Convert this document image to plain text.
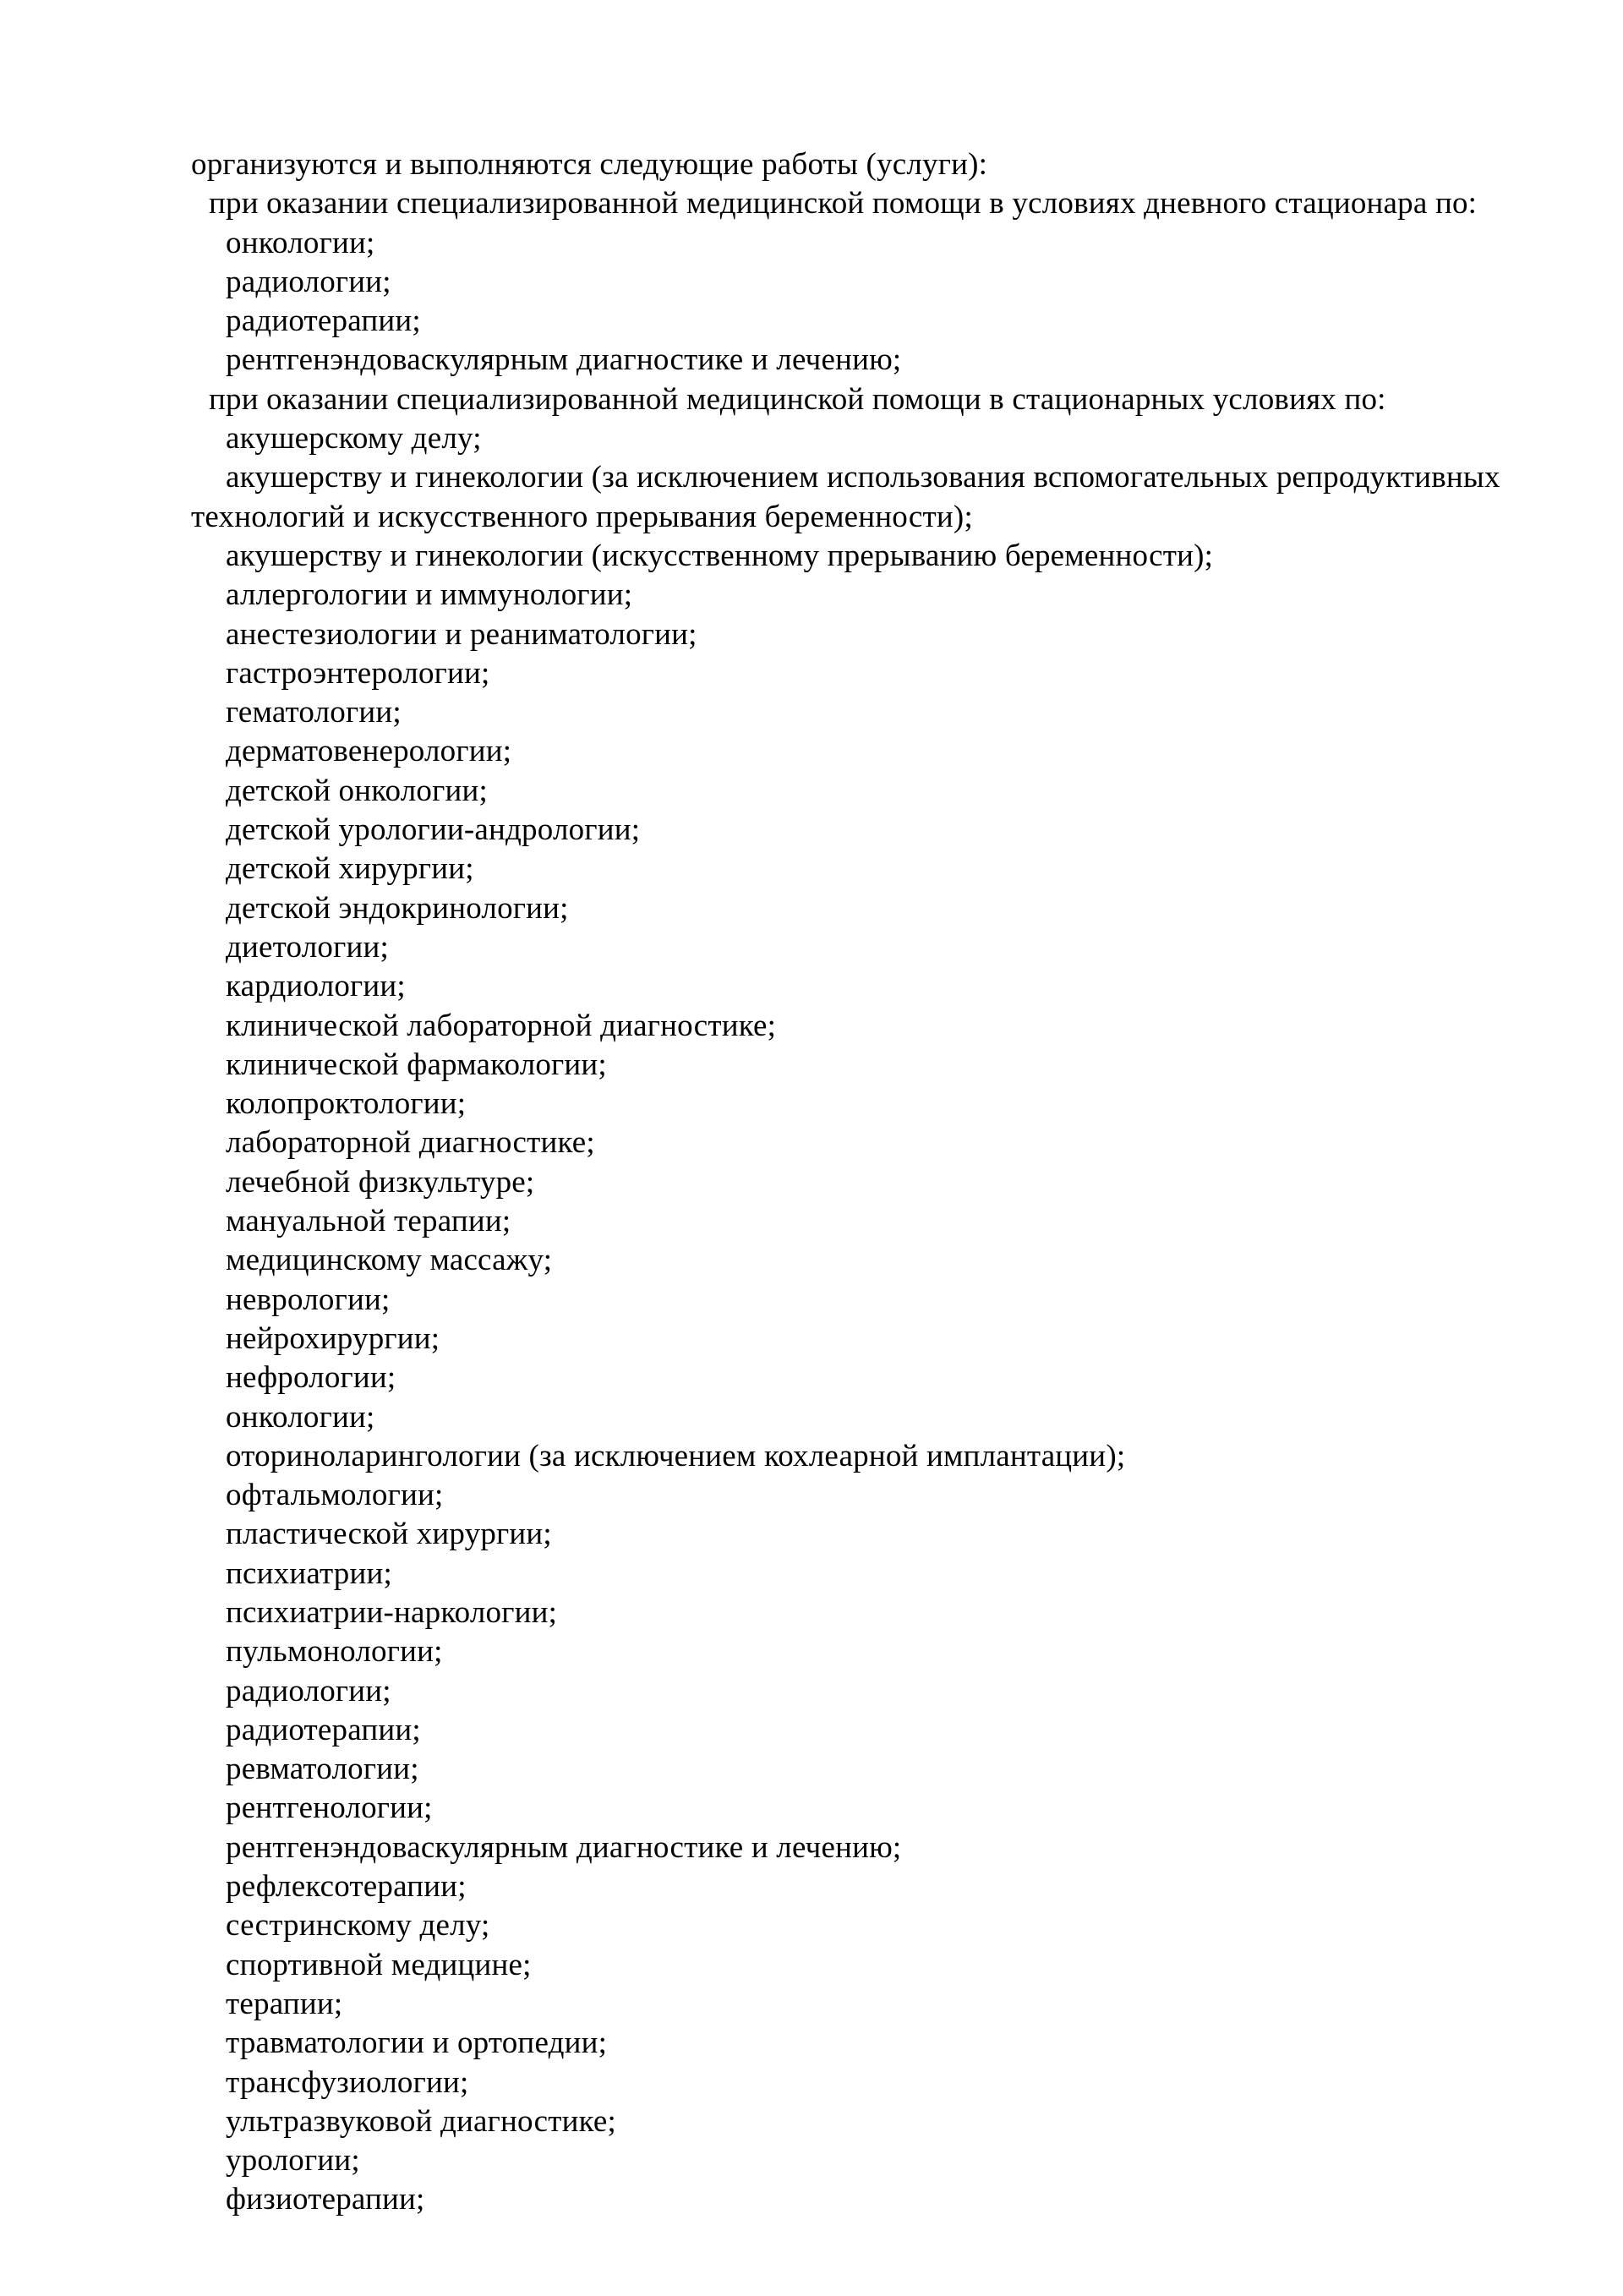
организуются и выполняются следующие работы (услуги):
при оказании специализированной медицинской помощи в условиях дневного стационара по:
онкологии;
радиологии;
радиотерапии;
рентгенэндоваскулярным диагностике и лечению;
при оказании специализированной медицинской помощи в стационарных условиях по:
акушерскому делу;
акушерству и гинекологии (за исключением использования вспомогательных репродуктивных
технологий и искусственного прерывания беременности);
акушерству и гинекологии (искусственному прерыванию беременности);
аллергологии и иммунологии;
анестезиологии и реаниматологии;
гастроэнтерологии;
гематологии;
дерматовенерологии;
детской онкологии;
детской урологии-андрологии;
детской хирургии;
детской эндокринологии;
диетологии;
кардиологии;
клинической лабораторной диагностике;
клинической фармакологии;
колопроктологии;
лабораторной диагностике;
лечебной физкультуре;
мануальной терапии;
медицинскому массажу;
неврологии;
нейрохирургии;
нефрологии;
онкологии;
оториноларингологии (за исключением кохлеарной имплантации);
офтальмологии;
пластической хирургии;
психиатрии;
психиатрии-наркологии;
пульмонологии;
радиологии;
радиотерапии;
ревматологии;
рентгенологии;
рентгенэндоваскулярным диагностике и лечению;
рефлексотерапии;
сестринскому делу;
спортивной медицине;
терапии;
травматологии и ортопедии;
трансфузиологии;
ультразвуковой диагностике;
урологии;
физиотерапии;
